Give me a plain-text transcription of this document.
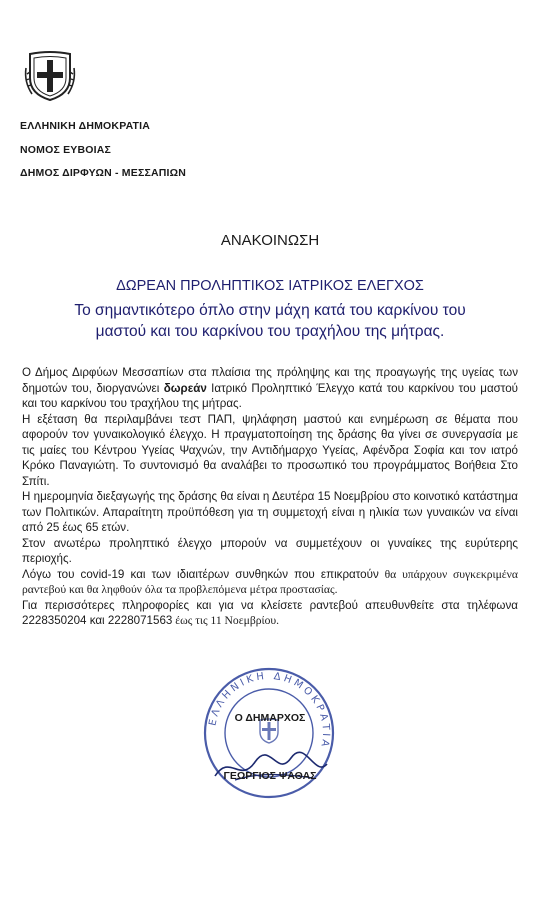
ΕΛΛΗΝΙΚΗ ΔΗΜΟΚΡΑΤΙΑ
ΝΟΜΟΣ ΕΥΒΟΙΑΣ
ΔΗΜΟΣ ΔΙΡΦΥΩΝ - ΜΕΣΣΑΠΙΩΝ
ΑΝΑΚΟΙΝΩΣΗ
ΔΩΡΕΑΝ ΠΡΟΛΗΠΤΙΚΟΣ ΙΑΤΡΙΚΟΣ ΕΛΕΓΧΟΣ
Το σημαντικότερο όπλο στην μάχη κατά του καρκίνου του
μαστού και του καρκίνου του τραχήλου της μήτρας.

Ο Δήμος Διρφύων Μεσσαπίων στα πλαίσια της πρόληψης και της προαγωγής της υγείας των δημοτών του, διοργανώνει δωρεάν Ιατρικό Προληπτικό Έλεγχο κατά του καρκίνου του μαστού και του καρκίνου του τραχήλου της μήτρας.

Η εξέταση θα περιλαμβάνει τεστ ΠΑΠ, ψηλάφηση μαστού και ενημέρωση σε θέματα που αφορούν τον γυναικολογικό έλεγχο. Η πραγματοποίηση της δράσης θα γίνει σε συνεργασία με τις μαίες του Κέντρου Υγείας Ψαχνών, την Αντιδήμαρχο Υγείας, Αφένδρα Σοφία και τον ιατρό Κρόκο Παναγιώτη. Το συντονισμό θα αναλάβει το προσωπικό του προγράμματος Βοήθεια Στο Σπίτι.

Η ημερομηνία διεξαγωγής της δράσης θα είναι η Δευτέρα 15 Νοεμβρίου στο κοινοτικό κατάστημα των Πολιτικών. Απαραίτητη προϋπόθεση για τη συμμετοχή είναι η ηλικία των γυναικών να είναι από 25 έως 65 ετών.

Στον ανωτέρω προληπτικό έλεγχο μπορούν να συμμετέχουν οι γυναίκες της ευρύτερης περιοχής.

Λόγω του covid-19 και των ιδιαιτέρων συνθηκών που επικρατούν θα υπάρχουν συγκεκριμένα ραντεβού και θα ληφθούν όλα τα προβλεπόμενα μέτρα προστασίας.

Για περισσότερες πληροφορίες και για να κλείσετε ραντεβού απευθυνθείτε στα τηλέφωνα 2228350204 και 2228071563 έως τις 11 Νοεμβρίου.

ΕΛΛΗΝΙΚΗ ΔΗΜΟΚΡΑΤΙΑ
Ο ΔΗΜΑΡΧΟΣ
ΓΕΩΡΓΙΟΣ ΨΑΘΑΣ
